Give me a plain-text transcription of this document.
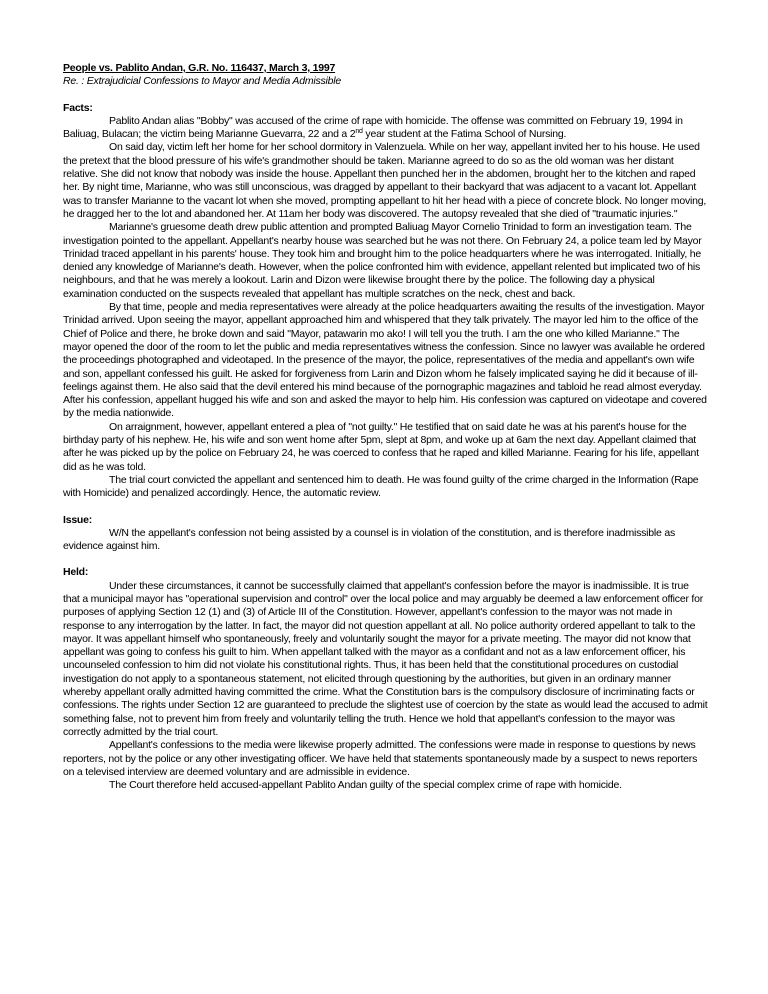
People vs. Pablito Andan, G.R. No. 116437, March 3, 1997

Re. : Extrajudicial Confessions to Mayor and Media Admissible

Facts:

Pablito Andan alias "Bobby" was accused of the crime of rape with homicide. The offense was committed on February 19, 1994 in Baliuag, Bulacan; the victim being Marianne Guevarra, 22 and a 2nd year student at the Fatima School of Nursing.

On said day, victim left her home for her school dormitory in Valenzuela. While on her way, appellant invited her to his house. He used the pretext that the blood pressure of his wife's grandmother should be taken. Marianne agreed to do so as the old woman was her distant relative. She did not know that nobody was inside the house. Appellant then punched her in the abdomen, brought her to the kitchen and raped her. By night time, Marianne, who was still unconscious, was dragged by appellant to their backyard that was adjacent to a vacant lot. Appellant was to transfer Marianne to the vacant lot when she moved, prompting appellant to hit her head with a piece of concrete block. No longer moving, he dragged her to the lot and abandoned her. At 11am her body was discovered. The autopsy revealed that she died of "traumatic injuries."

Marianne's gruesome death drew public attention and prompted Baliuag Mayor Cornelio Trinidad to form an investigation team. The investigation pointed to the appellant. Appellant's nearby house was searched but he was not there. On February 24, a police team led by Mayor Trinidad traced appellant in his parents' house. They took him and brought him to the police headquarters where he was interrogated. Initially, he denied any knowledge of Marianne's death. However, when the police confronted him with evidence, appellant relented but implicated two of his neighbours, and that he was merely a lookout. Larin and Dizon were likewise brought there by the police. The following day a physical examination conducted on the suspects revealed that appellant has multiple scratches on the neck, chest and back.

By that time, people and media representatives were already at the police headquarters awaiting the results of the investigation. Mayor Trinidad arrived. Upon seeing the mayor, appellant approached him and whispered that they talk privately. The mayor led him to the office of the Chief of Police and there, he broke down and said "Mayor, patawarin mo ako! I will tell you the truth. I am the one who killed Marianne." The mayor opened the door of the room to let the public and media representatives witness the confession. Since no lawyer was available he ordered the proceedings photographed and videotaped. In the presence of the mayor, the police, representatives of the media and appellant's own wife and son, appellant confessed his guilt. He asked for forgiveness from Larin and Dizon whom he falsely implicated saying he did it because of ill-feelings against them. He also said that the devil entered his mind because of the pornographic magazines and tabloid he read almost everyday. After his confession, appellant hugged his wife and son and asked the mayor to help him. His confession was captured on videotape and covered by the media nationwide.

On arraignment, however, appellant entered a plea of "not guilty." He testified that on said date he was at his parent's house for the birthday party of his nephew. He, his wife and son went home after 5pm, slept at 8pm, and woke up at 6am the next day. Appellant claimed that after he was picked up by the police on February 24, he was coerced to confess that he raped and killed Marianne. Fearing for his life, appellant did as he was told.

The trial court convicted the appellant and sentenced him to death. He was found guilty of the crime charged in the Information (Rape with Homicide) and penalized accordingly. Hence, the automatic review.

Issue:

W/N the appellant's confession not being assisted by a counsel is in violation of the constitution, and is therefore inadmissible as evidence against him.

Held:

Under these circumstances, it cannot be successfully claimed that appellant's confession before the mayor is inadmissible. It is true that a municipal mayor has "operational supervision and control" over the local police and may arguably be deemed a law enforcement officer for purposes of applying Section 12 (1) and (3) of Article III of the Constitution. However, appellant's confession to the mayor was not made in response to any interrogation by the latter. In fact, the mayor did not question appellant at all. No police authority ordered appellant to talk to the mayor. It was appellant himself who spontaneously, freely and voluntarily sought the mayor for a private meeting. The mayor did not know that appellant was going to confess his guilt to him. When appellant talked with the mayor as a confidant and not as a law enforcement officer, his uncounseled confession to him did not violate his constitutional rights. Thus, it has been held that the constitutional procedures on custodial investigation do not apply to a spontaneous statement, not elicited through questioning by the authorities, but given in an ordinary manner whereby appellant orally admitted having committed the crime. What the Constitution bars is the compulsory disclosure of incriminating facts or confessions. The rights under Section 12 are guaranteed to preclude the slightest use of coercion by the state as would lead the accused to admit something false, not to prevent him from freely and voluntarily telling the truth. Hence we hold that appellant's confession to the mayor was correctly admitted by the trial court.

Appellant's confessions to the media were likewise properly admitted. The confessions were made in response to questions by news reporters, not by the police or any other investigating officer. We have held that statements spontaneously made by a suspect to news reporters on a televised interview are deemed voluntary and are admissible in evidence.

The Court therefore held accused-appellant Pablito Andan guilty of the special complex crime of rape with homicide.
